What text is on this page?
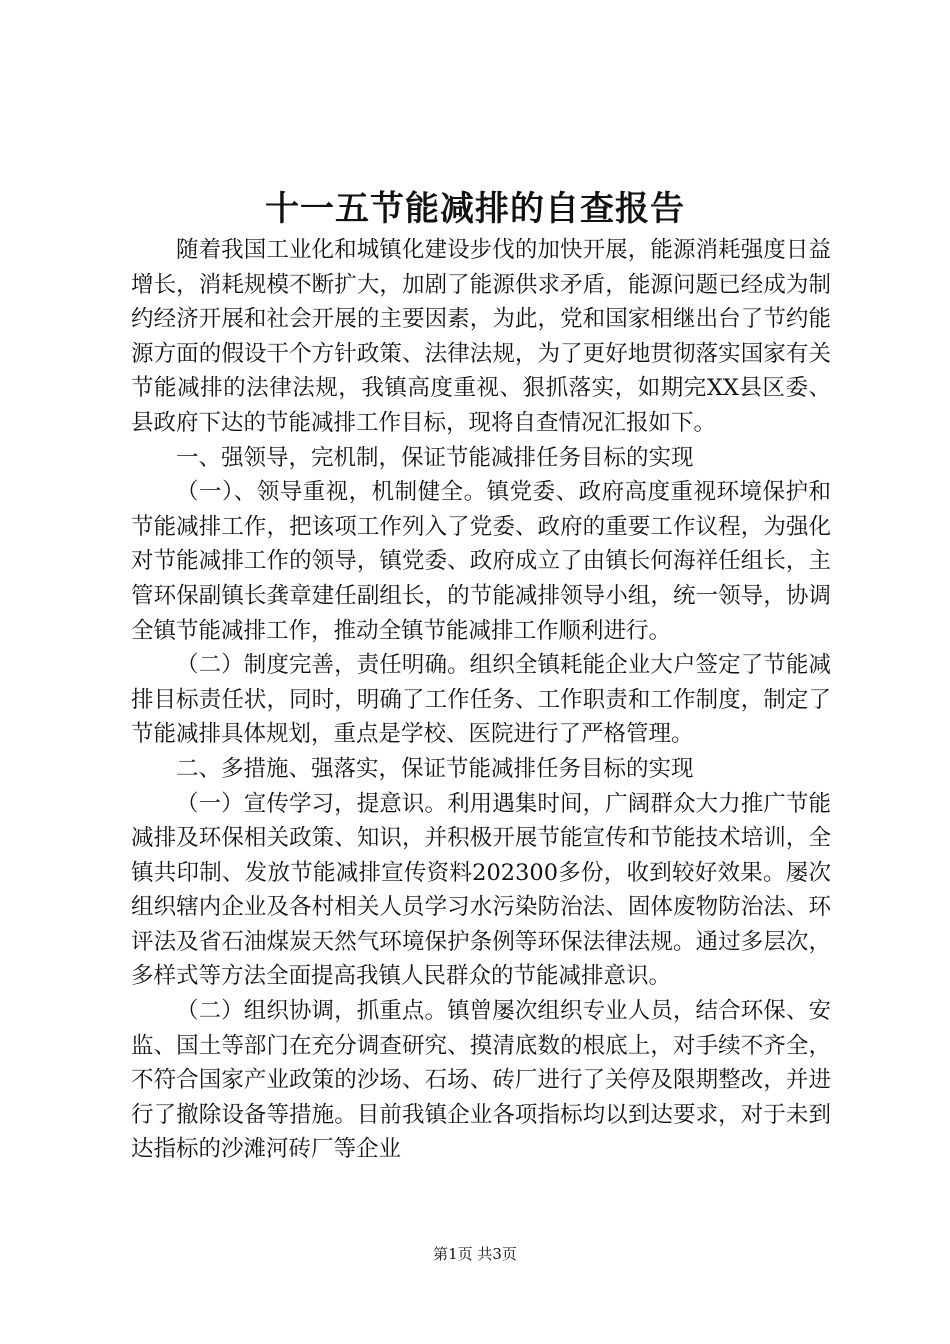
十一五节能减排的自查报告

随着我国工业化和城镇化建设步伐的加快开展，能源消耗强度日益增长，消耗规模不断扩大，加剧了能源供求矛盾，能源问题已经成为制约经济开展和社会开展的主要因素，为此，党和国家相继出台了节约能源方面的假设干个方针政策、法律法规，为了更好地贯彻落实国家有关节能减排的法律法规，我镇高度重视、狠抓落实，如期完XX县区委、县政府下达的节能减排工作目标，现将自查情况汇报如下。

一、强领导，完机制，保证节能减排任务目标的实现

（一）、领导重视，机制健全。镇党委、政府高度重视环境保护和节能减排工作，把该项工作列入了党委、政府的重要工作议程，为强化对节能减排工作的领导，镇党委、政府成立了由镇长何海祥任组长，主管环保副镇长龚章建任副组长，的节能减排领导小组，统一领导，协调全镇节能减排工作，推动全镇节能减排工作顺利进行。

（二）制度完善，责任明确。组织全镇耗能企业大户签定了节能减排目标责任状，同时，明确了工作任务、工作职责和工作制度，制定了节能减排具体规划，重点是学校、医院进行了严格管理。

二、多措施、强落实，保证节能减排任务目标的实现

（一）宣传学习，提意识。利用遇集时间，广阔群众大力推广节能减排及环保相关政策、知识，并积极开展节能宣传和节能技术培训，全镇共印制、发放节能减排宣传资料202300多份，收到较好效果。屡次组织辖内企业及各村相关人员学习水污染防治法、固体废物防治法、环评法及省石油煤炭天然气环境保护条例等环保法律法规。通过多层次，多样式等方法全面提高我镇人民群众的节能减排意识。

（二）组织协调，抓重点。镇曾屡次组织专业人员，结合环保、安监、国土等部门在充分调查研究、摸清底数的根底上，对手续不齐全，不符合国家产业政策的沙场、石场、砖厂进行了关停及限期整改，并进行了撤除设备等措施。目前我镇企业各项指标均以到达要求，对于未到达指标的沙滩河砖厂等企业

第1页 共3页
